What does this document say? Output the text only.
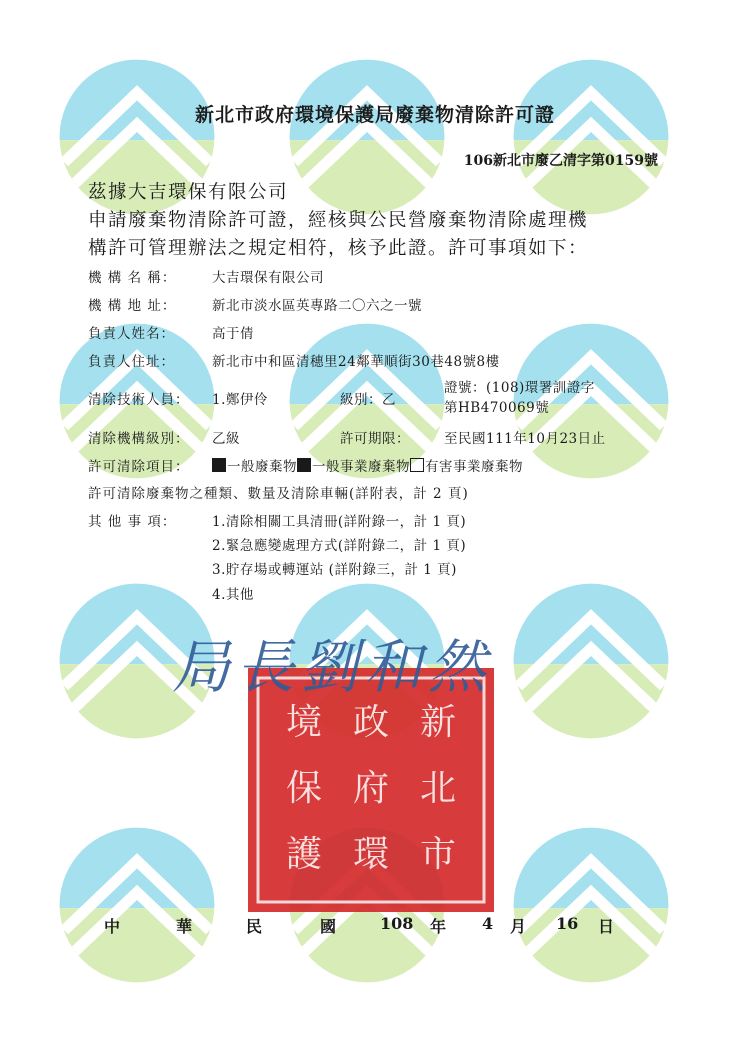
新北市政府環境保護局廢棄物清除許可證
106新北市廢乙清字第0159號
茲據大吉環保有限公司
申請廢棄物清除許可證，經核與公民營廢棄物清除處理機
構許可管理辦法之規定相符，核予此證。許可事項如下：
機 構 名 稱：	大吉環保有限公司
機 構 地 址：	新北市淡水區英專路二〇六之一號
負責人姓名：	高于倩
負責人住址：	新北市中和區清穗里24鄰華順街30巷48號8樓
清除技術人員： 1.鄭伊伶	級別：乙
證號：(108)環署訓證字
第HB470069號
清除機構級別： 乙級	許可期限：	至民國111年10月23日止
許可清除項目：	一般廢棄物 一般事業廢棄物 有害事業廢棄物
許可清除廢棄物之種類、數量及清除車輛(詳附表，計 2 頁)
其 他 事 項：	1.清除相關工具清冊(詳附錄一，計 1 頁)
2.緊急應變處理方式(詳附錄二，計 1 頁)
3.貯存場或轉運站 (詳附錄三，計 1 頁)
4.其他
新
北
市
政
府
環
境
保
護
局長劉和然
中	華	民	國	108 年 4 月 16 日
